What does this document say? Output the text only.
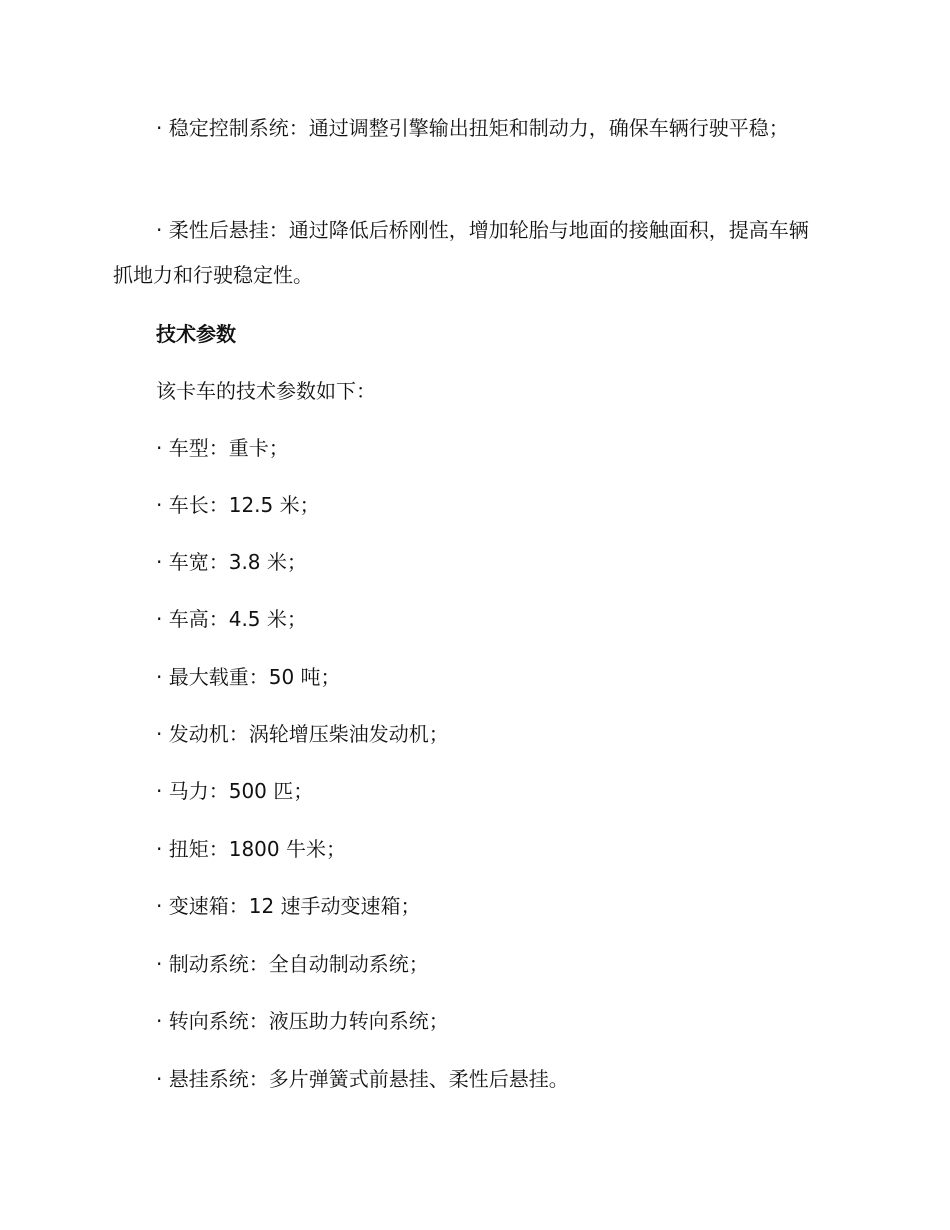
· 稳定控制系统：通过调整引擎输出扭矩和制动力，确保车辆行驶平稳；

· 柔性后悬挂：通过降低后桥刚性，增加轮胎与地面的接触面积，提高车辆抓地力和行驶稳定性。

技术参数

该卡车的技术参数如下：

· 车型：重卡；

· 车长：12.5 米；

· 车宽：3.8 米；

· 车高：4.5 米；

· 最大载重：50 吨；

· 发动机：涡轮增压柴油发动机；

· 马力：500 匹；

· 扭矩：1800 牛米；

· 变速箱：12 速手动变速箱；

· 制动系统：全自动制动系统；

· 转向系统：液压助力转向系统；

· 悬挂系统：多片弹簧式前悬挂、柔性后悬挂。
